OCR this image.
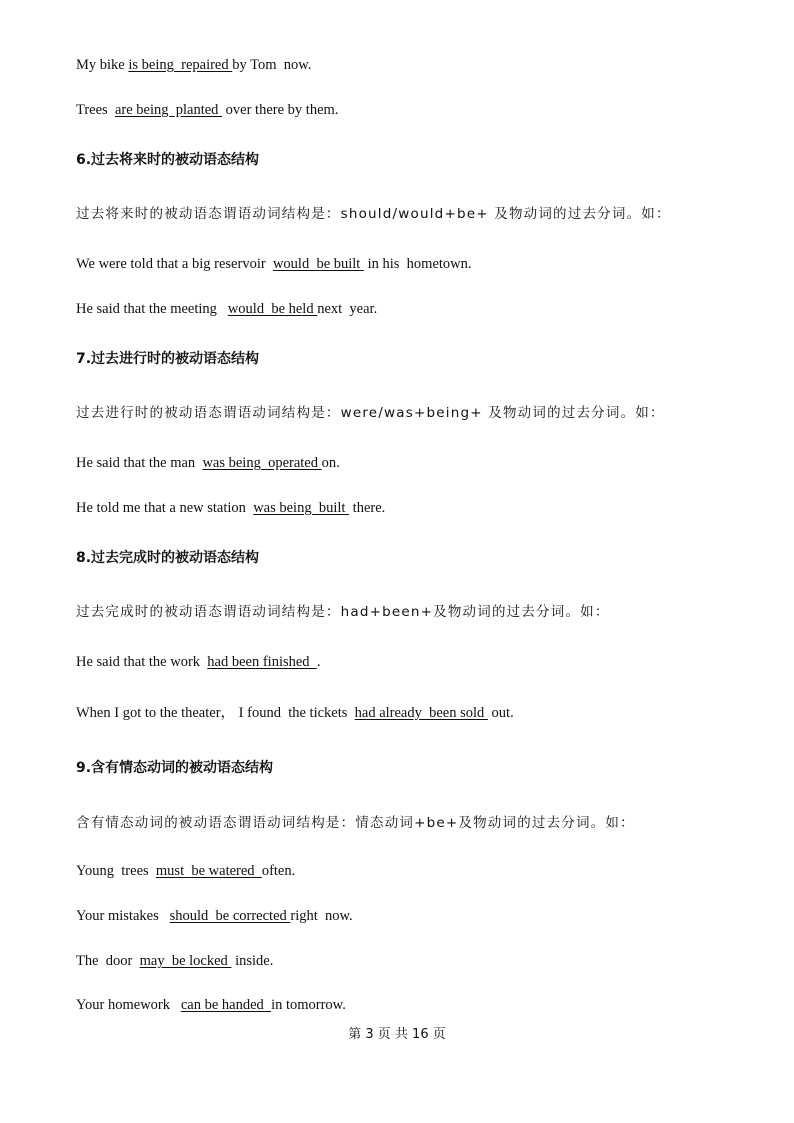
My bike is being  repaired by Tom  now.
Trees  are being  planted  over there by them.
6.过去将来时的被动语态结构
过去将来时的被动语态谓语动词结构是：should/would+be+ 及物动词的过去分词。如：
We were told that a big reservoir  would  be built  in his  hometown.
He said that the meeting   would  be held next  year.
7.过去进行时的被动语态结构
过去进行时的被动语态谓语动词结构是：were/was+being+ 及物动词的过去分词。如：
He said that the man  was being  operated on.
He told me that a new station  was being  built  there.
8.过去完成时的被动语态结构
过去完成时的被动语态谓语动词结构是：had+been+及物动词的过去分词。如：
He said that the work  had been finished  .
When I got to the theater， I found  the tickets  had already  been sold  out.
9.含有情态动词的被动语态结构
含有情态动词的被动语态谓语动词结构是：情态动词+be+及物动词的过去分词。如：
Young  trees  must  be watered  often.
Your mistakes   should  be corrected right  now.
The  door  may  be locked  inside.
Your homework   can be handed  in tomorrow.
第 3 页 共 16 页
